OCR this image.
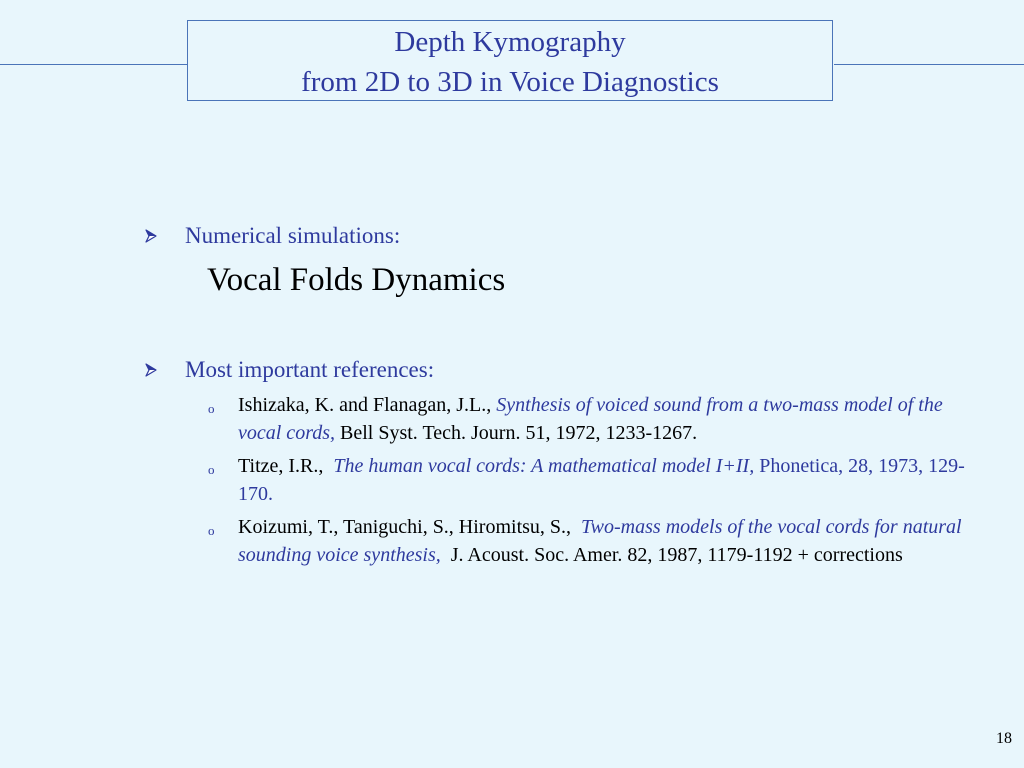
Depth Kymography
from 2D to 3D in Voice Diagnostics
Numerical simulations:
Vocal Folds Dynamics
Most important references:
o Ishizaka, K. and Flanagan, J.L., Synthesis of voiced sound from a two-mass model of the vocal cords, Bell Syst. Tech. Journ. 51, 1972, 1233-1267.
o Titze, I.R., The human vocal cords: A mathematical model I+II, Phonetica, 28, 1973, 129-170.
o Koizumi, T., Taniguchi, S., Hiromitsu, S., Two-mass models of the vocal cords for natural sounding voice synthesis, J. Acoust. Soc. Amer. 82, 1987, 1179-1192 + corrections
18
